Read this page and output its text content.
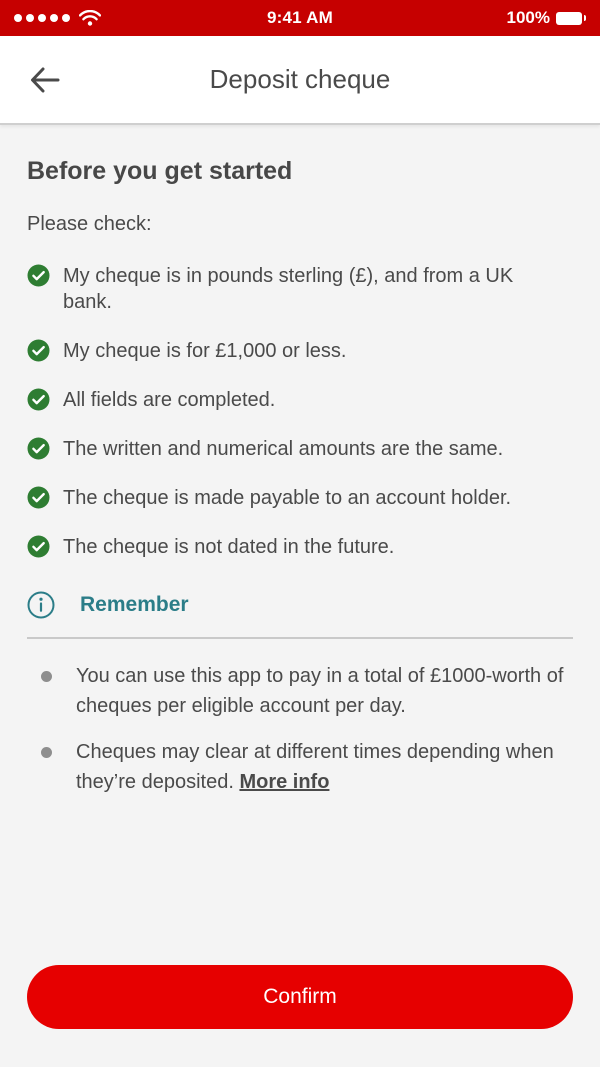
9:41 AM	100%
Deposit cheque
Before you get started

Please check:

My cheque is in pounds sterling (£), and from a UK bank.
My cheque is for £1,000 or less.
All fields are completed.
The written and numerical amounts are the same.
The cheque is made payable to an account holder.
The cheque is not dated in the future.
Remember
You can use this app to pay in a total of £1000-worth of cheques per eligible account per day.
Cheques may clear at different times depending when they’re deposited. More info
Confirm
